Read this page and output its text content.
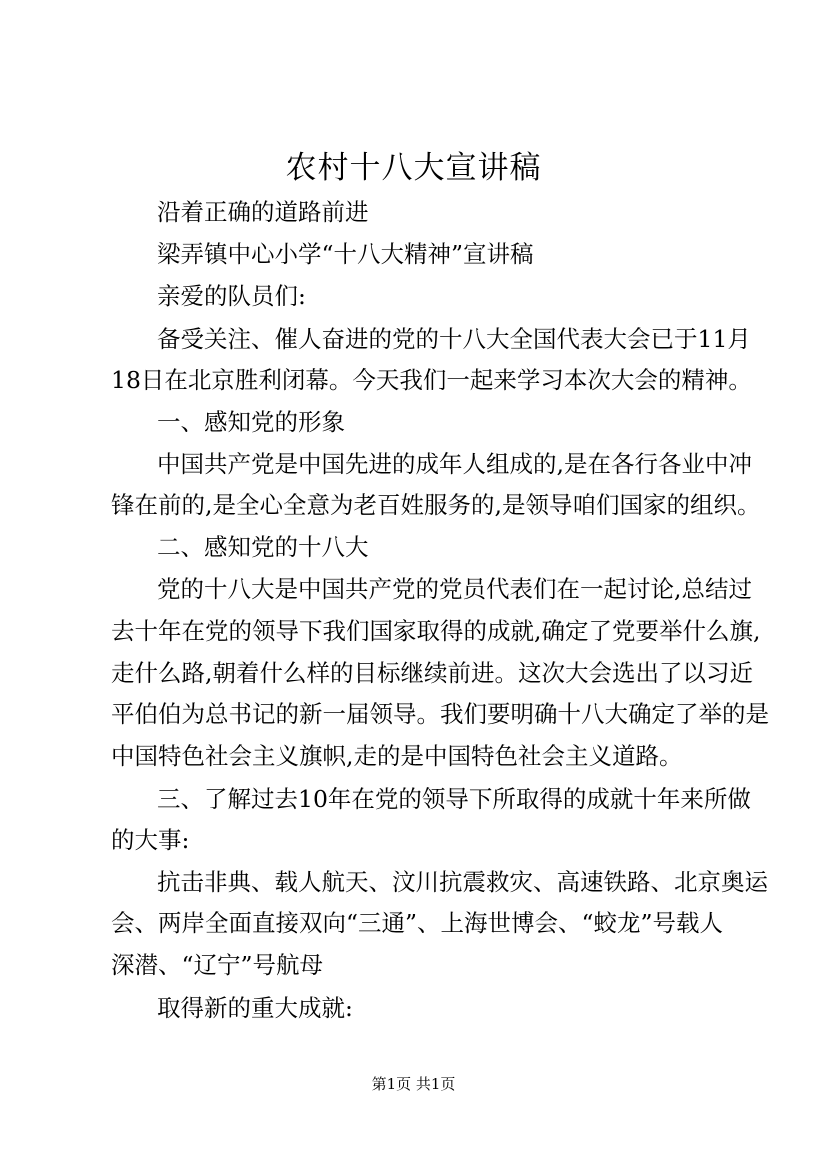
农村十八大宣讲稿
沿着正确的道路前进
梁弄镇中心小学“十八大精神”宣讲稿
亲爱的队员们:
备受关注、催人奋进的党的十八大全国代表大会已于11月
18日在北京胜利闭幕。今天我们一起来学习本次大会的精神。
一、感知党的形象
中国共产党是中国先进的成年人组成的,是在各行各业中冲
锋在前的,是全心全意为老百姓服务的,是领导咱们国家的组织。
二、感知党的十八大
党的十八大是中国共产党的党员代表们在一起讨论,总结过
去十年在党的领导下我们国家取得的成就,确定了党要举什么旗,
走什么路,朝着什么样的目标继续前进。这次大会选出了以习近
平伯伯为总书记的新一届领导。我们要明确十八大确定了举的是
中国特色社会主义旗帜,走的是中国特色社会主义道路。
三、了解过去10年在党的领导下所取得的成就十年来所做
的大事:
抗击非典、载人航天、汶川抗震救灾、高速铁路、北京奥运
会、两岸全面直接双向“三通”、上海世博会、“蛟龙”号载人
深潜、“辽宁”号航母
取得新的重大成就:
第1页 共1页
